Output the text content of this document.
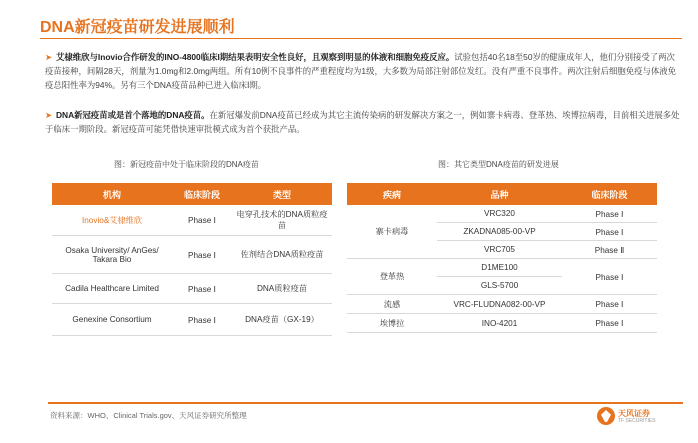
DNA新冠疫苗研发进展顺利
➤ 艾棣维欣与Inovio合作研发的INO-4800临床I期结果表明安全性良好，且观察到明显的体液和细胞免疫反应。试验包括40名18至50岁的健康成年人，他们分别接受了两次疫苗接种，间隔28天，剂量为1.0mg和2.0mg两组。所有10例不良事件的严重程度均为1级，大多数为局部注射部位发红。没有严重不良事件。两次注射后细胞免疫与体液免疫总阳性率为94%。另有三个DNA疫苗品种已进入临床Ⅰ期。
➤ DNA新冠疫苗或是首个落地的DNA疫苗。在新冠爆发前DNA疫苗已经成为其它主流传染病的研发解决方案之一，例如寨卡病毒、登革热、埃博拉病毒，目前相关进展多处于临床一期阶段。新冠疫苗可能凭借快速审批模式成为首个获批产品。
图：新冠疫苗中处于临床阶段的DNA疫苗	图：其它类型DNA疫苗的研发进展
机构	临床阶段	类型
Inovio&艾棣维欣	Phase Ⅰ	电穿孔技术的DNA质粒疫苗
Osaka University/ AnGes/ Takara Bio	Phase Ⅰ	佐剂结合DNA质粒疫苗
Cadila Healthcare Limited	Phase Ⅰ	DNA质粒疫苗
Genexine Consortium	Phase Ⅰ	DNA疫苗（GX-19）
疾病	品种	临床阶段
寨卡病毒	VRC320	Phase Ⅰ
	ZKADNA085-00-VP	Phase Ⅰ
	VRC705	Phase Ⅱ
登革热	D1ME100	Phase Ⅰ
	GLS-5700	
流感	VRC-FLUDNA082-00-VP	Phase Ⅰ
埃博拉	INO-4201	Phase Ⅰ
资料来源：WHO、Clinical Trials.gov、天风证券研究所整理	天风证券
TF SECURITIES
